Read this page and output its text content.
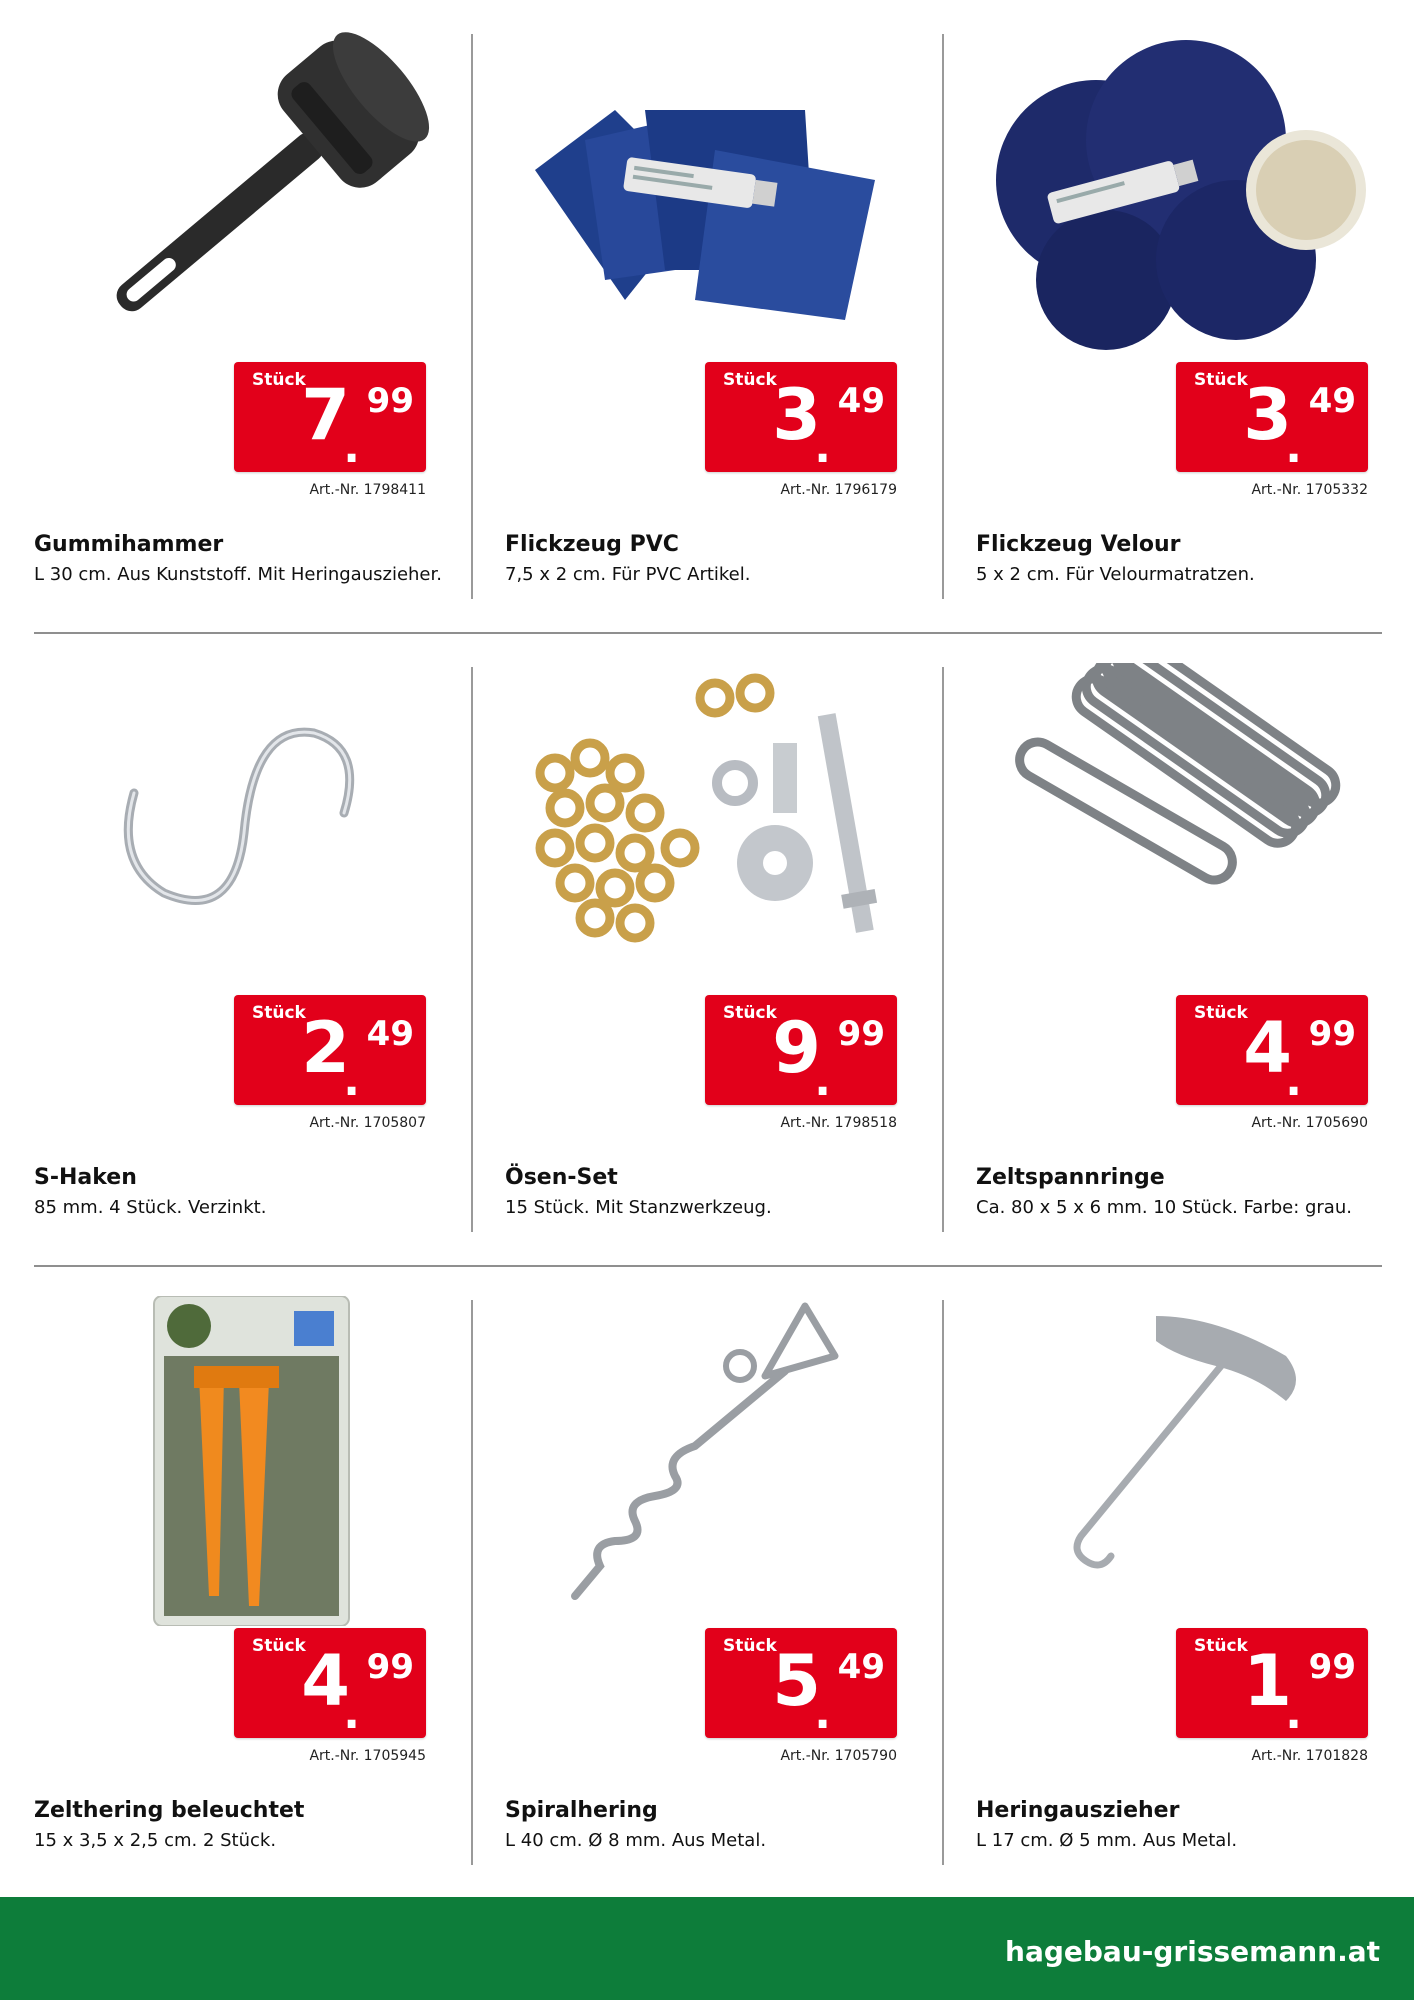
Stück
7
.
99
Art.-Nr. 1798411
Gummihammer
L 30 cm. Aus Kunststoff. Mit Heringauszieher.
Stück
3
.
49
Art.-Nr. 1796179
Flickzeug PVC
7,5 x 2 cm. Für PVC Artikel.
Stück
3
.
49
Art.-Nr. 1705332
Flickzeug Velour
5 x 2 cm. Für Velourmatratzen.
Stück
2
.
49
Art.-Nr. 1705807
S-Haken
85 mm. 4 Stück. Verzinkt.
Stück
9
.
99
Art.-Nr. 1798518
Ösen-Set
15 Stück. Mit Stanzwerkzeug.
Stück
4
.
99
Art.-Nr. 1705690
Zeltspannringe
Ca. 80 x 5 x 6 mm. 10 Stück. Farbe: grau.
Stück
4
.
99
Art.-Nr. 1705945
Zelthering beleuchtet
15 x 3,5 x 2,5 cm. 2 Stück.
Stück
5
.
49
Art.-Nr. 1705790
Spiralhering
L 40 cm. Ø 8 mm. Aus Metal.
Stück
1
.
99
Art.-Nr. 1701828
Heringauszieher
L 17 cm. Ø 5 mm. Aus Metal.
hagebau-grissemann.at
